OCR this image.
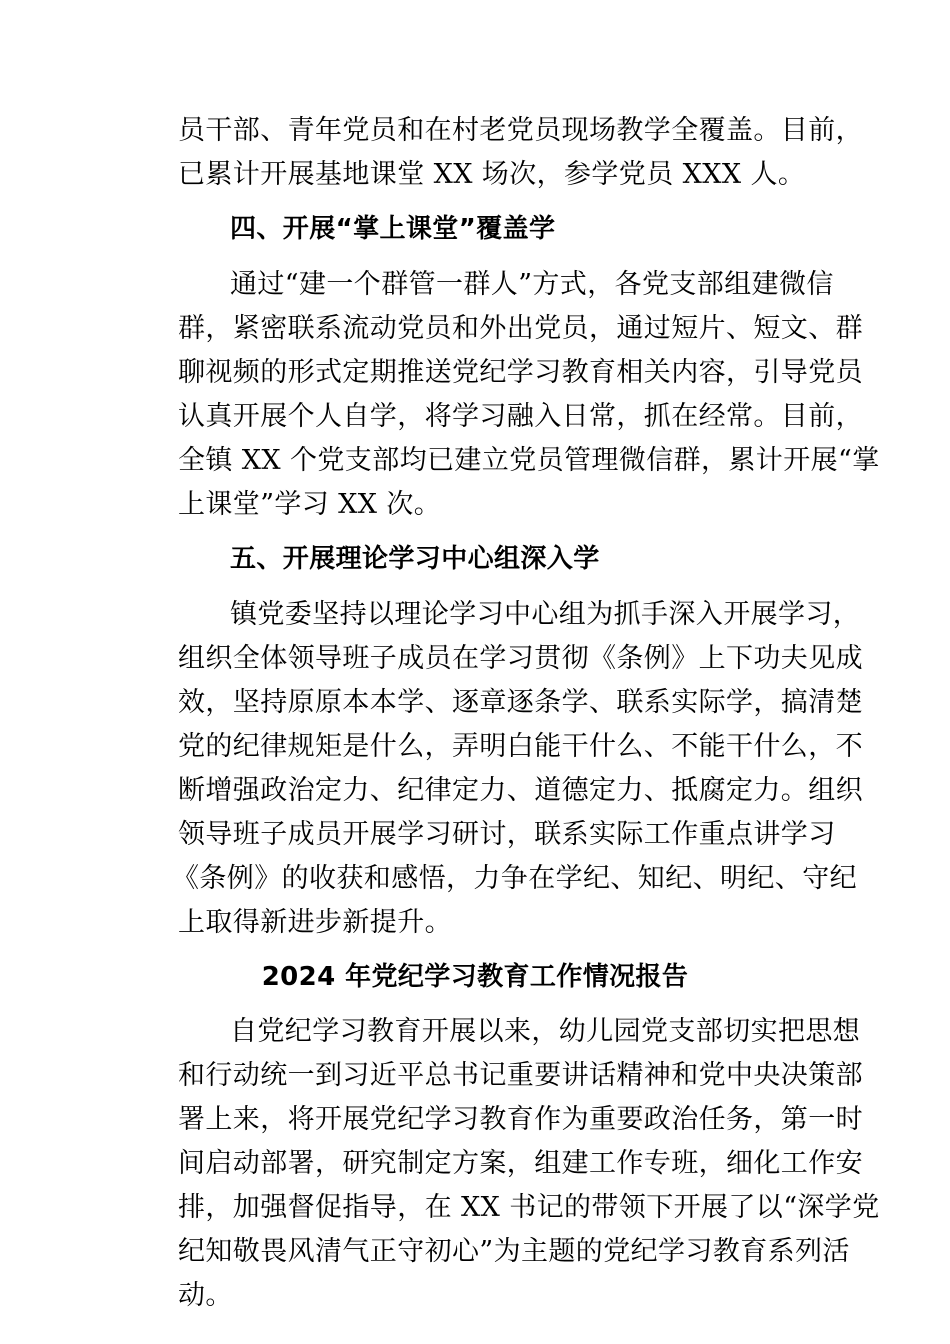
员干部、青年党员和在村老党员现场教学全覆盖。目前，
已累计开展基地课堂 XX 场次，参学党员 XXX 人。
四、开展“掌上课堂”覆盖学
通过“建一个群管一群人”方式，各党支部组建微信
群，紧密联系流动党员和外出党员，通过短片、短文、群
聊视频的形式定期推送党纪学习教育相关内容，引导党员
认真开展个人自学，将学习融入日常，抓在经常。目前，
全镇 XX 个党支部均已建立党员管理微信群，累计开展“掌
上课堂”学习 XX 次。
五、开展理论学习中心组深入学
镇党委坚持以理论学习中心组为抓手深入开展学习，
组织全体领导班子成员在学习贯彻《条例》上下功夫见成
效，坚持原原本本学、逐章逐条学、联系实际学，搞清楚
党的纪律规矩是什么，弄明白能干什么、不能干什么，不
断增强政治定力、纪律定力、道德定力、抵腐定力。组织
领导班子成员开展学习研讨，联系实际工作重点讲学习
《条例》的收获和感悟，力争在学纪、知纪、明纪、守纪
上取得新进步新提升。
2024 年党纪学习教育工作情况报告
自党纪学习教育开展以来，幼儿园党支部切实把思想
和行动统一到习近平总书记重要讲话精神和党中央决策部
署上来，将开展党纪学习教育作为重要政治任务，第一时
间启动部署，研究制定方案，组建工作专班，细化工作安
排，加强督促指导，在 XX 书记的带领下开展了以“深学党
纪知敬畏风清气正守初心”为主题的党纪学习教育系列活
动。
